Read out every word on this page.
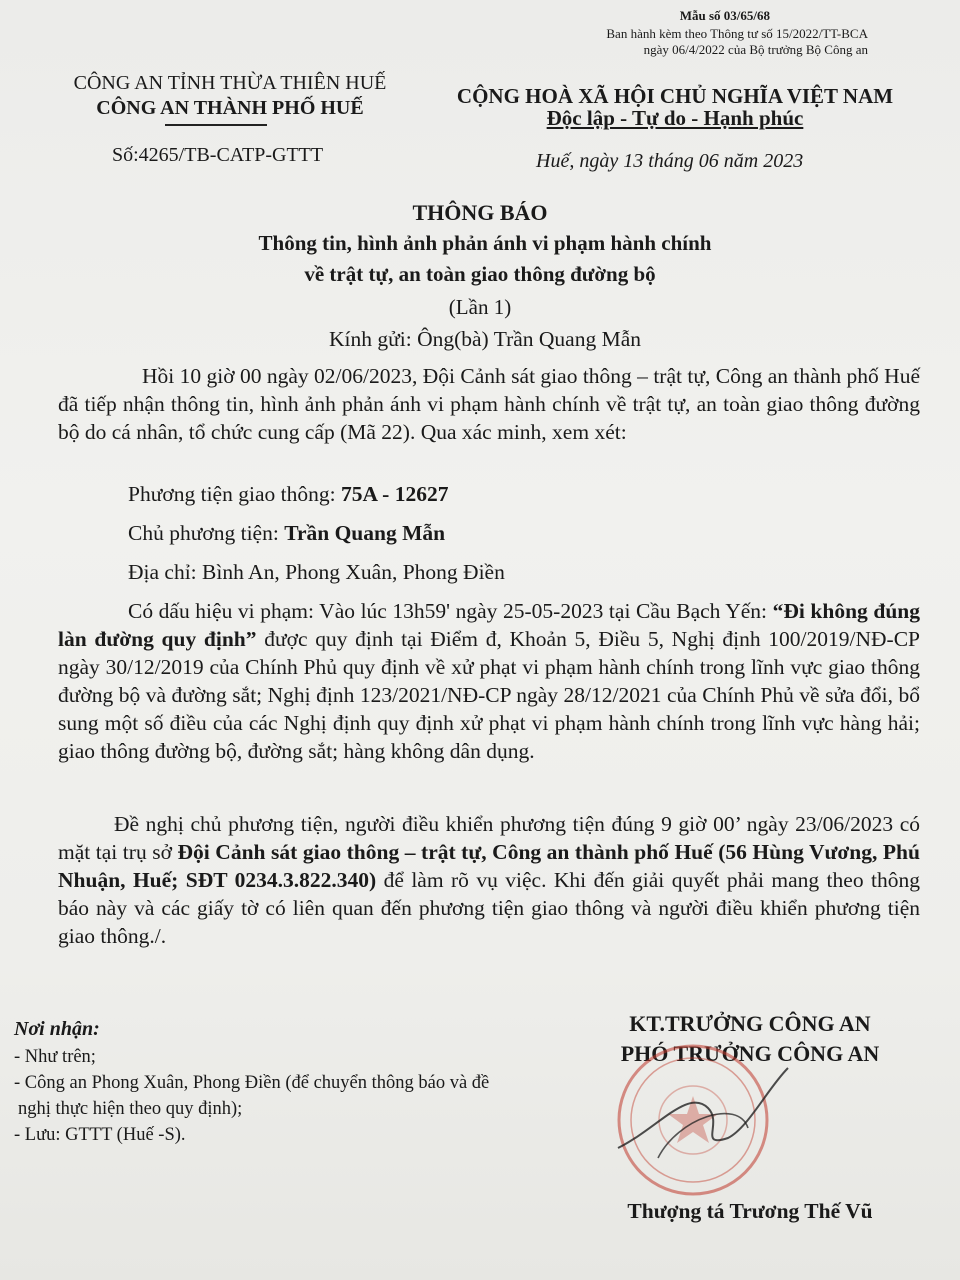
Mẫu số 03/65/68
Ban hành kèm theo Thông tư số 15/2022/TT-BCA
ngày 06/4/2022 của Bộ trưởng Bộ Công an
CÔNG AN TỈNH THỪA THIÊN HUẾ
CÔNG AN THÀNH PHỐ HUẾ
Số:4265/TB-CATP-GTTT
CỘNG HOÀ XÃ HỘI CHỦ NGHĨA VIỆT NAM
Độc lập - Tự do - Hạnh phúc
Huế, ngày 13 tháng 06 năm 2023
THÔNG BÁO
Thông tin, hình ảnh phản ánh vi phạm hành chính
về trật tự, an toàn giao thông đường bộ
(Lần 1)
Kính gửi: Ông(bà) Trần Quang Mẫn
Hồi 10 giờ 00 ngày 02/06/2023, Đội Cảnh sát giao thông – trật tự, Công an thành phố Huế đã tiếp nhận thông tin, hình ảnh phản ánh vi phạm hành chính về trật tự, an toàn giao thông đường bộ do cá nhân, tổ chức cung cấp (Mã 22). Qua xác minh, xem xét:
Phương tiện giao thông: 75A - 12627
Chủ phương tiện: Trần Quang Mẫn
Địa chỉ: Bình An, Phong Xuân, Phong Điền
Có dấu hiệu vi phạm: Vào lúc 13h59' ngày 25-05-2023 tại Cầu Bạch Yến: “Đi không đúng làn đường quy định” được quy định tại Điểm đ, Khoản 5, Điều 5, Nghị định 100/2019/NĐ-CP ngày 30/12/2019 của Chính Phủ quy định về xử phạt vi phạm hành chính trong lĩnh vực giao thông đường bộ và đường sắt; Nghị định 123/2021/NĐ-CP ngày 28/12/2021 của Chính Phủ về sửa đổi, bổ sung một số điều của các Nghị định quy định xử phạt vi phạm hành chính trong lĩnh vực hàng hải; giao thông đường bộ, đường sắt; hàng không dân dụng.
Đề nghị chủ phương tiện, người điều khiển phương tiện đúng 9 giờ 00’ ngày 23/06/2023 có mặt tại trụ sở Đội Cảnh sát giao thông – trật tự, Công an thành phố Huế (56 Hùng Vương, Phú Nhuận, Huế; SĐT 0234.3.822.340) để làm rõ vụ việc. Khi đến giải quyết phải mang theo thông báo này và các giấy tờ có liên quan đến phương tiện giao thông và người điều khiển phương tiện giao thông./.
Nơi nhận:
- Như trên;
- Công an Phong Xuân, Phong Điền (để chuyển thông báo và đề nghị thực hiện theo quy định);
- Lưu: GTTT (Huế -S).
KT.TRƯỞNG CÔNG AN
PHÓ TRƯỞNG CÔNG AN
Thượng tá Trương Thế Vũ
